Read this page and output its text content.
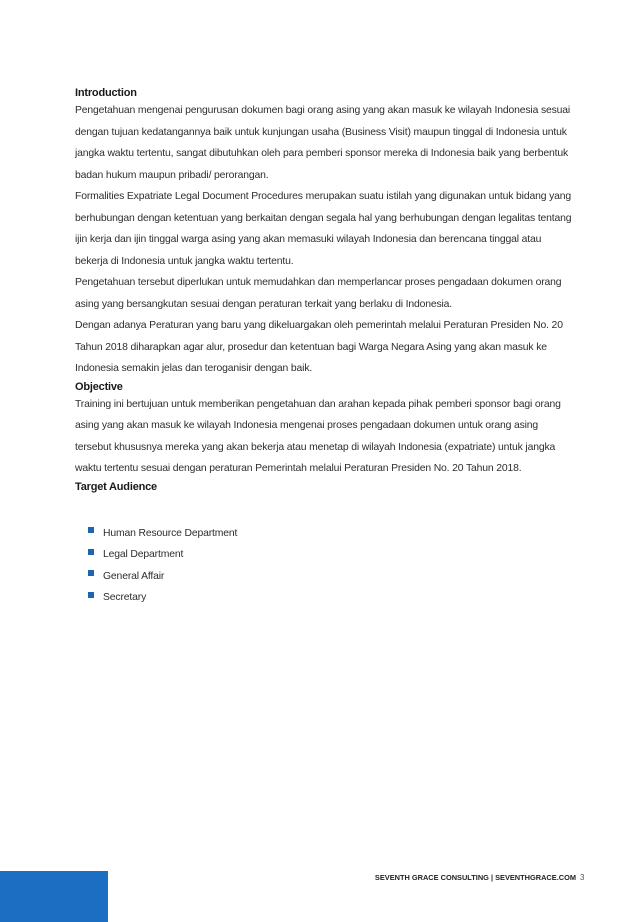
Introduction

Pengetahuan mengenai pengurusan dokumen bagi orang asing yang akan masuk ke wilayah Indonesia sesuai dengan tujuan kedatangannya baik untuk kunjungan usaha (Business Visit) maupun tinggal di Indonesia untuk jangka waktu tertentu, sangat dibutuhkan oleh para pemberi sponsor mereka di Indonesia baik yang berbentuk badan hukum maupun pribadi/ perorangan.

Formalities Expatriate Legal Document Procedures merupakan suatu istilah yang digunakan untuk bidang yang berhubungan dengan ketentuan yang berkaitan dengan segala hal yang berhubungan dengan legalitas tentang ijin kerja dan ijin tinggal warga asing yang akan memasuki wilayah Indonesia dan berencana tinggal atau bekerja di Indonesia untuk jangka waktu tertentu.

Pengetahuan tersebut diperlukan untuk memudahkan dan memperlancar proses pengadaan dokumen orang asing yang bersangkutan sesuai dengan peraturan terkait yang berlaku di Indonesia.

Dengan adanya Peraturan yang baru yang dikeluargakan oleh pemerintah melalui Peraturan Presiden No. 20 Tahun 2018 diharapkan agar alur, prosedur dan ketentuan bagi Warga Negara Asing yang akan masuk ke Indonesia semakin jelas dan teroganisir dengan baik.

Objective

Training ini bertujuan untuk memberikan pengetahuan dan arahan kepada pihak pemberi sponsor bagi orang asing yang akan masuk ke wilayah Indonesia mengenai proses pengadaan dokumen untuk orang asing tersebut khususnya mereka yang akan bekerja atau menetap di wilayah Indonesia (expatriate) untuk jangka waktu tertentu sesuai dengan peraturan Pemerintah melalui Peraturan Presiden No. 20 Tahun 2018.

Target Audience
Human Resource Department
Legal Department
General Affair
Secretary
SEVENTH GRACE CONSULTING | SEVENTHGRACE.COM 3
